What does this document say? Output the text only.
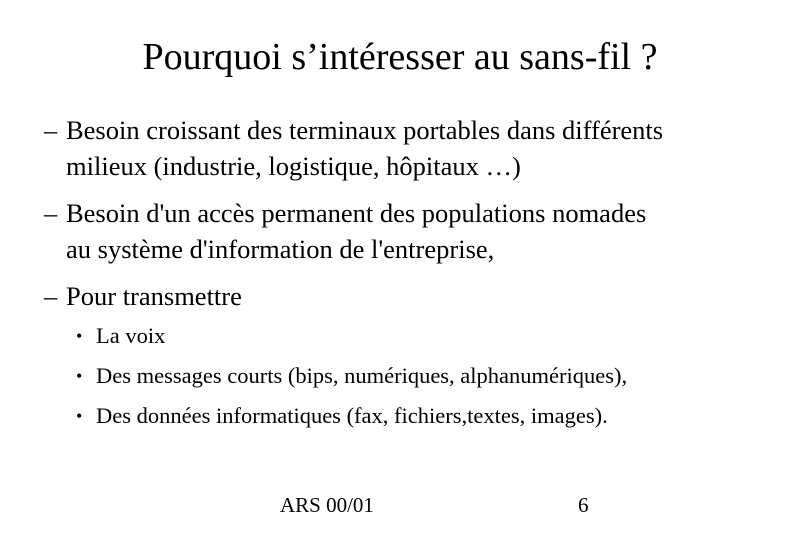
Pourquoi s’intéresser au sans-fil ?
– Besoin croissant des terminaux portables dans différents
milieux (industrie, logistique, hôpitaux …)
– Besoin d'un accès permanent des populations nomades
au système d'information de l'entreprise,
– Pour transmettre
• La voix
• Des messages courts (bips, numériques, alphanumériques),
• Des données informatiques (fax, fichiers,textes, images).
ARS 00/01	6
